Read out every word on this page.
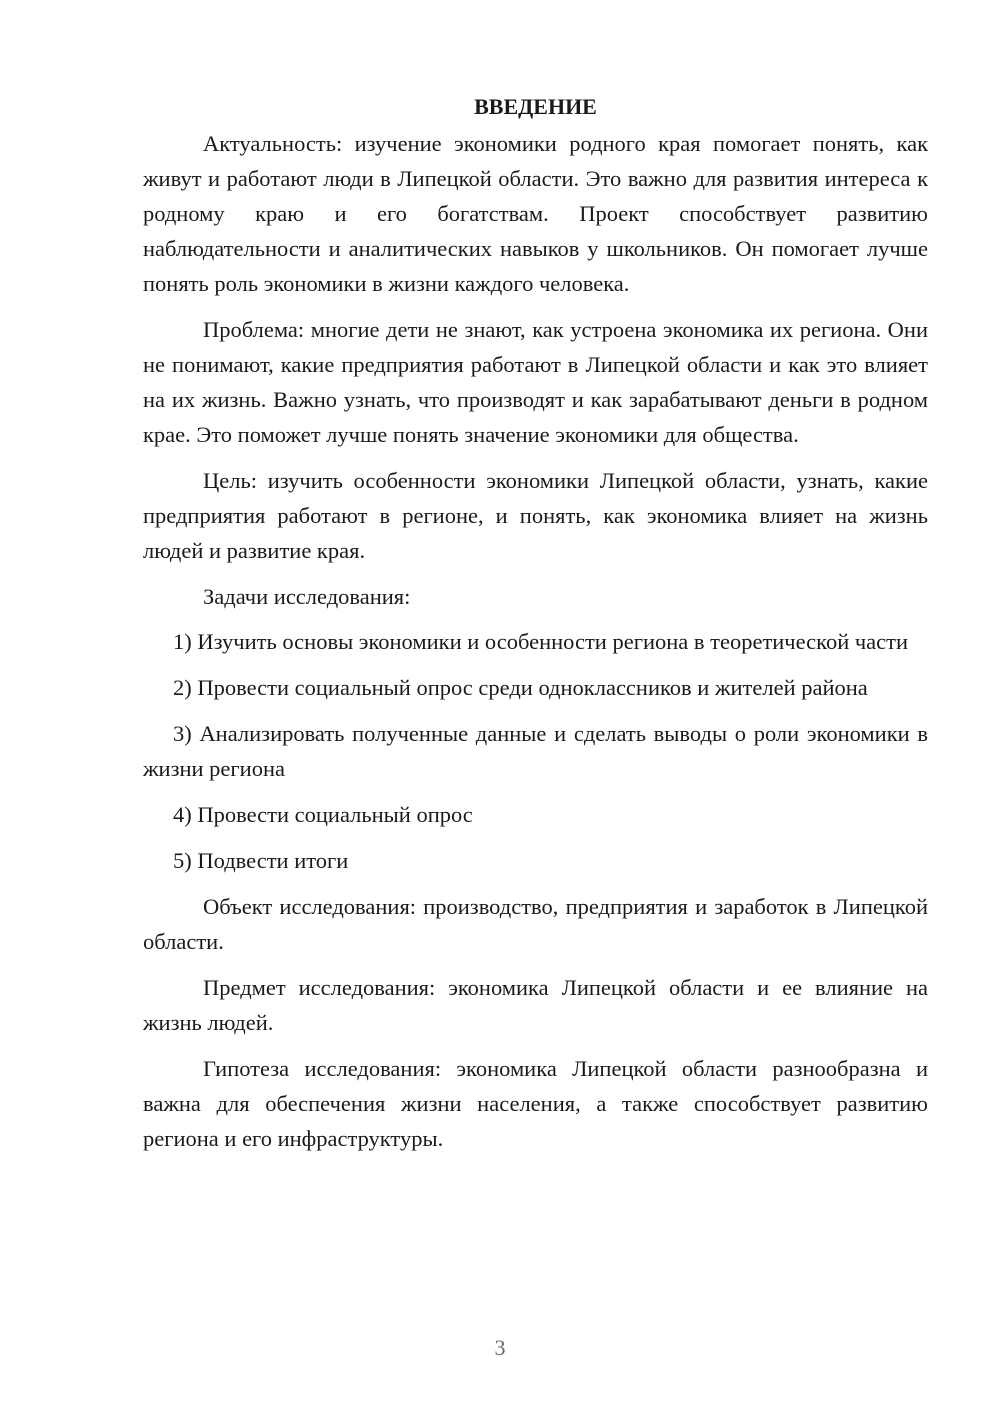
ВВЕДЕНИЕ

Актуальность: изучение экономики родного края помогает понять, как живут и работают люди в Липецкой области. Это важно для развития интереса к родному краю и его богатствам. Проект способствует развитию наблюдательности и аналитических навыков у школьников. Он помогает лучше понять роль экономики в жизни каждого человека.

Проблема: многие дети не знают, как устроена экономика их региона. Они не понимают, какие предприятия работают в Липецкой области и как это влияет на их жизнь. Важно узнать, что производят и как зарабатывают деньги в родном крае. Это поможет лучше понять значение экономики для общества.

Цель: изучить особенности экономики Липецкой области, узнать, какие предприятия работают в регионе, и понять, как экономика влияет на жизнь людей и развитие края.

Задачи исследования:

1) Изучить основы экономики и особенности региона в теоретической части

2) Провести социальный опрос среди одноклассников и жителей района

3) Анализировать полученные данные и сделать выводы о роли экономики в жизни региона

4) Провести социальный опрос

5) Подвести итоги

Объект исследования: производство, предприятия и заработок в Липецкой области.

Предмет исследования: экономика Липецкой области и ее влияние на жизнь людей.

Гипотеза исследования: экономика Липецкой области разнообразна и важна для обеспечения жизни населения, а также способствует развитию региона и его инфраструктуры.

3
